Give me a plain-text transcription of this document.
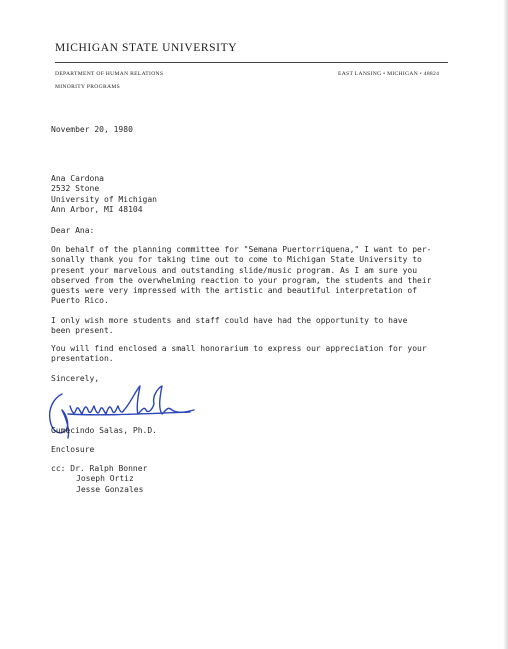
MICHIGAN STATE UNIVERSITY
DEPARTMENT OF HUMAN RELATIONS
MINORITY PROGRAMS
EAST LANSING • MICHIGAN • 48824
November 20, 1980
Ana Cardona
2532 Stone
University of Michigan
Ann Arbor, MI 48104
Dear Ana:
On behalf of the planning committee for "Semana Puertorriquena," I want to per-
sonally thank you for taking time out to come to Michigan State University to
present your marvelous and outstanding slide/music program. As I am sure you
observed from the overwhelming reaction to your program, the students and their
guests were very impressed with the artistic and beautiful interpretation of
Puerto Rico.
I only wish more students and staff could have had the opportunity to have
been present.
You will find enclosed a small honorarium to express our appreciation for your
presentation.
Sincerely,
Gumecindo Salas, Ph.D.
Enclosure
cc: Dr. Ralph Bonner
Joseph Ortiz
Jesse Gonzales
